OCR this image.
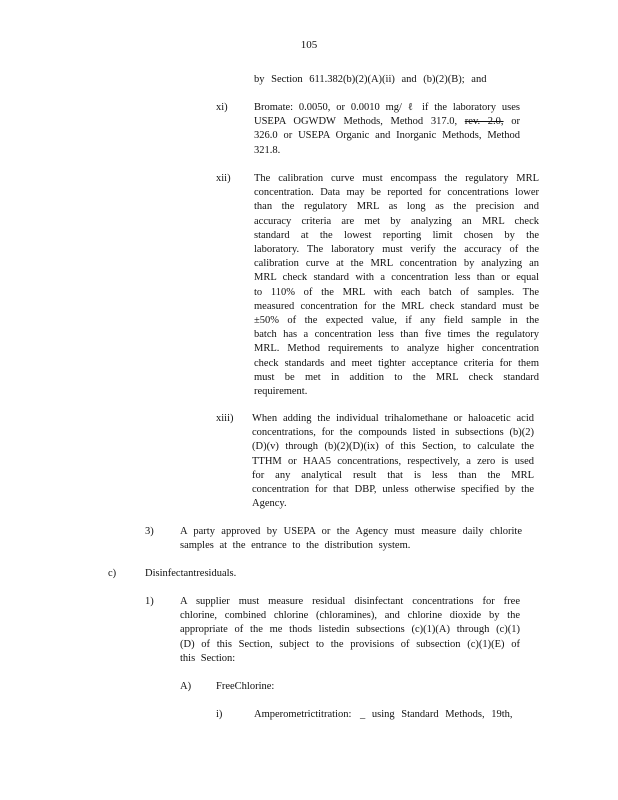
105
by Section 611.382(b)(2)(A)(ii) and (b)(2)(B); and
xi)	Bromate: 0.0050, or 0.0010 mg/ ℓ if the laboratory uses
USEPA OGWDW Methods, Method 317.0, rev. 2.0, or
326.0 or USEPA Organic and Inorganic Methods, Method
321.8.
xii) The calibration curve must encompass the regulatory MRL concentration. Data may be reported for concentrations lower than the regulatory MRL as long as the precision and accuracy criteria are met by analyzing an MRL check standard at the lowest reporting limit chosen by the laboratory. The laboratory must verify the accuracy of the calibration curve at the MRL concentration by analyzing an MRL check standard with a concentration less than or equal to 110% of the MRL with each batch of samples. The measured concentration for the MRL check standard must be ±50% of the expected value, if any field sample in the batch has a concentration less than five times the regulatory MRL. Method requirements to analyze higher concentration check standards and meet tighter acceptance criteria for them must be met in addition to the MRL check standard requirement.
xiii) When adding the individual trihalomethane or haloacetic acid concentrations, for the compounds listed in subsections (b)(2)(D)(v) through (b)(2)(D)(ix) of this Section, to calculate the TTHM or HAA5 concentrations, respectively, a zero is used for any analytical result that is less than the MRL concentration for that DBP, unless otherwise specified by the Agency.
3)	A party approved by USEPA or the Agency must measure daily chlorite samples at the entrance to the distribution system.
c)	Disinfectantresiduals.
1)	A supplier must measure residual disinfectant concentrations for free chlorine, combined chlorine (chloramines), and chlorine dioxide by the appropriate of the me thods listedin subsections (c)(1)(A) through (c)(1)(D) of this Section, subject to the provisions of subsection (c)(1)(E) of this Section:
A) FreeChlorine:
i)	Amperometrictitration: _ using Standard Methods, 19th,
